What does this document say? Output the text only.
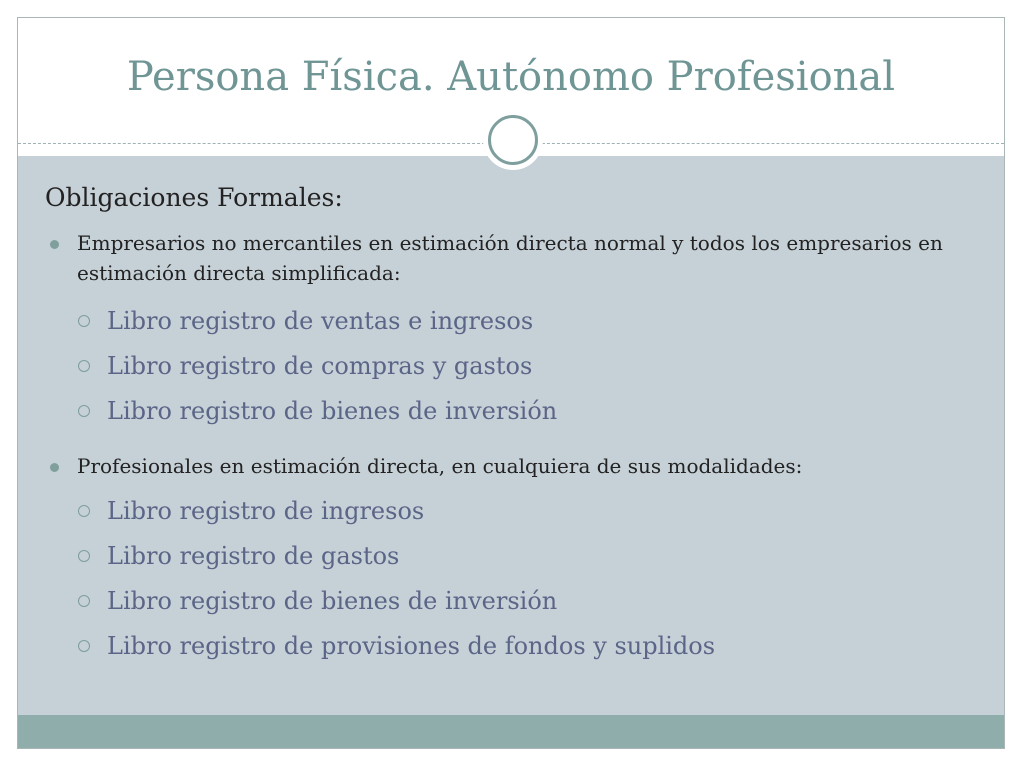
Persona Física. Autónomo Profesional
Obligaciones Formales:
Empresarios no mercantiles en estimación directa normal y todos los empresarios en estimación directa simplificada:
Libro registro de ventas e ingresos
Libro registro de compras y gastos
Libro registro de bienes de inversión
Profesionales en estimación directa, en cualquiera de sus modalidades:
Libro registro de ingresos
Libro registro de gastos
Libro registro de bienes de inversión
Libro registro de provisiones de fondos y suplidos
